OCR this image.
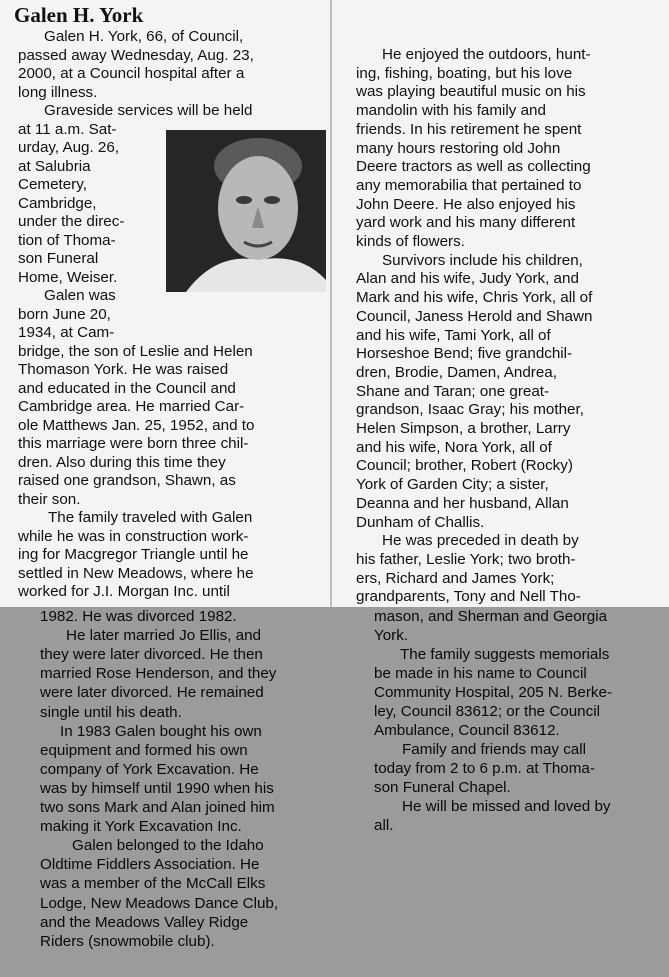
Galen H. York

Galen H. York, 66, of Council,

passed away Wednesday, Aug. 23,

2000, at a Council hospital after a

long illness.

Graveside services will be held

at 11 a.m. Sat-

urday, Aug. 26,

at Salubria

Cemetery,

Cambridge,

under the direc-

tion of Thoma-

son Funeral

Home, Weiser.

Galen was

born June 20,

1934, at Cam-

bridge, the son of Leslie and Helen

Thomason York. He was raised

and educated in the Council and

Cambridge area. He married Car-

ole Matthews Jan. 25, 1952, and to

this marriage were born three chil-

dren. Also during this time they

raised one grandson, Shawn, as

their son.

The family traveled with Galen

while he was in construction work-

ing for Macgregor Triangle until he

settled in New Meadows, where he

worked for J.I. Morgan Inc. until

He enjoyed the outdoors, hunt-

ing, fishing, boating, but his love

was playing beautiful music on his

mandolin with his family and

friends. In his retirement he spent

many hours restoring old John

Deere tractors as well as collecting

any memorabilia that pertained to

John Deere. He also enjoyed his

yard work and his many different

kinds of flowers.

Survivors include his children,

Alan and his wife, Judy York, and

Mark and his wife, Chris York, all of

Council, Janess Herold and Shawn

and his wife, Tami York, all of

Horseshoe Bend; five grandchil-

dren, Brodie, Damen, Andrea,

Shane and Taran; one great-

grandson, Isaac Gray; his mother,

Helen Simpson, a brother, Larry

and his wife, Nora York, all of

Council; brother, Robert (Rocky)

York of Garden City; a sister,

Deanna and her husband, Allan

Dunham of Challis.

He was preceded in death by

his father, Leslie York; two broth-

ers, Richard and James York;

grandparents, Tony and Nell Tho-

1982. He was divorced 1982.

He later married Jo Ellis, and

they were later divorced. He then

married Rose Henderson, and they

were later divorced. He remained

single until his death.

In 1983 Galen bought his own

equipment and formed his own

company of York Excavation. He

was by himself until 1990 when his

two sons Mark and Alan joined him

making it York Excavation Inc.

Galen belonged to the Idaho

Oldtime Fiddlers Association. He

was a member of the McCall Elks

Lodge, New Meadows Dance Club,

and the Meadows Valley Ridge

Riders (snowmobile club).

mason, and Sherman and Georgia

York.

The family suggests memorials

be made in his name to Council

Community Hospital, 205 N. Berke-

ley, Council 83612; or the Council

Ambulance, Council 83612.

Family and friends may call

today from 2 to 6 p.m. at Thoma-

son Funeral Chapel.

He will be missed and loved by

all.
